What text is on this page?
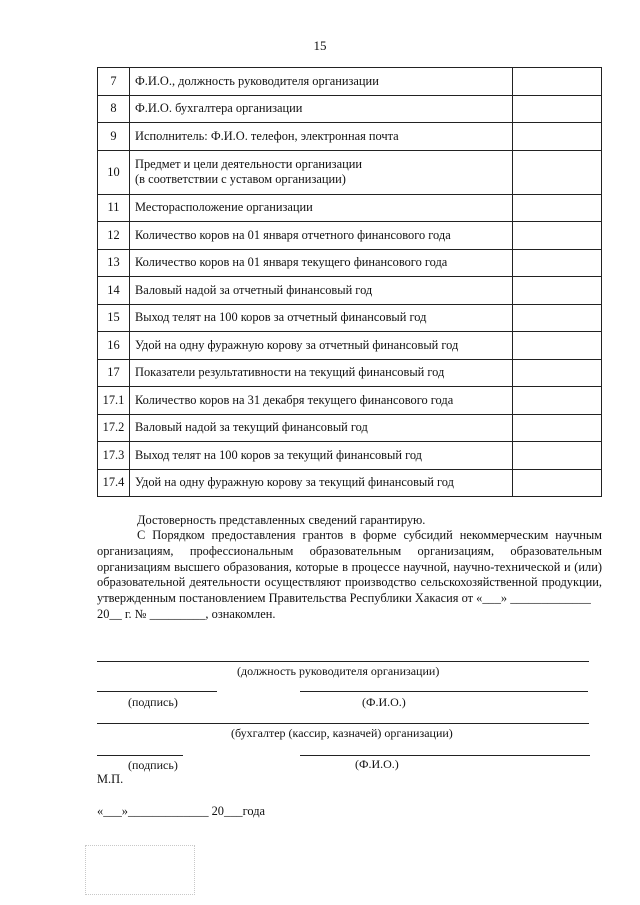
15
7	Ф.И.О., должность руководителя организации	
8	Ф.И.О. бухгалтера организации	
9	Исполнитель: Ф.И.О. телефон, электронная почта	
10	Предмет и цели деятельности организации
(в соответствии с уставом организации)	
11	Месторасположение организации	
12	Количество коров на 01 января отчетного финансового года	
13	Количество коров на 01 января текущего финансового года	
14	Валовый надой за отчетный финансовый год	
15	Выход телят на 100 коров за отчетный финансовый год	
16	Удой на одну фуражную корову за отчетный финансовый год	
17	Показатели результативности на текущий финансовый год	
17.1	Количество коров на 31 декабря текущего финансового года	
17.2	Валовый надой за текущий финансовый год	
17.3	Выход телят на 100 коров за текущий финансовый год	
17.4	Удой на одну фуражную корову за текущий финансовый год	
Достоверность представленных сведений гарантирую.
С Порядком предоставления грантов в форме субсидий некоммерческим научным организациям, профессиональным образовательным организациям, образовательным организациям высшего образования, которые в процессе научной, научно-технической и (или) образовательной деятельности осуществляют производство сельскохозяйственной продукции, утвержденным постановлением Правительства Республики Хакасия от «___» _____________
20__ г. № _________, ознакомлен.
(должность руководителя организации)
(подпись)	(Ф.И.О.)
(бухгалтер (кассир, казначей) организации)
(подпись)	(Ф.И.О.)
М.П.
«___»_____________ 20___года
